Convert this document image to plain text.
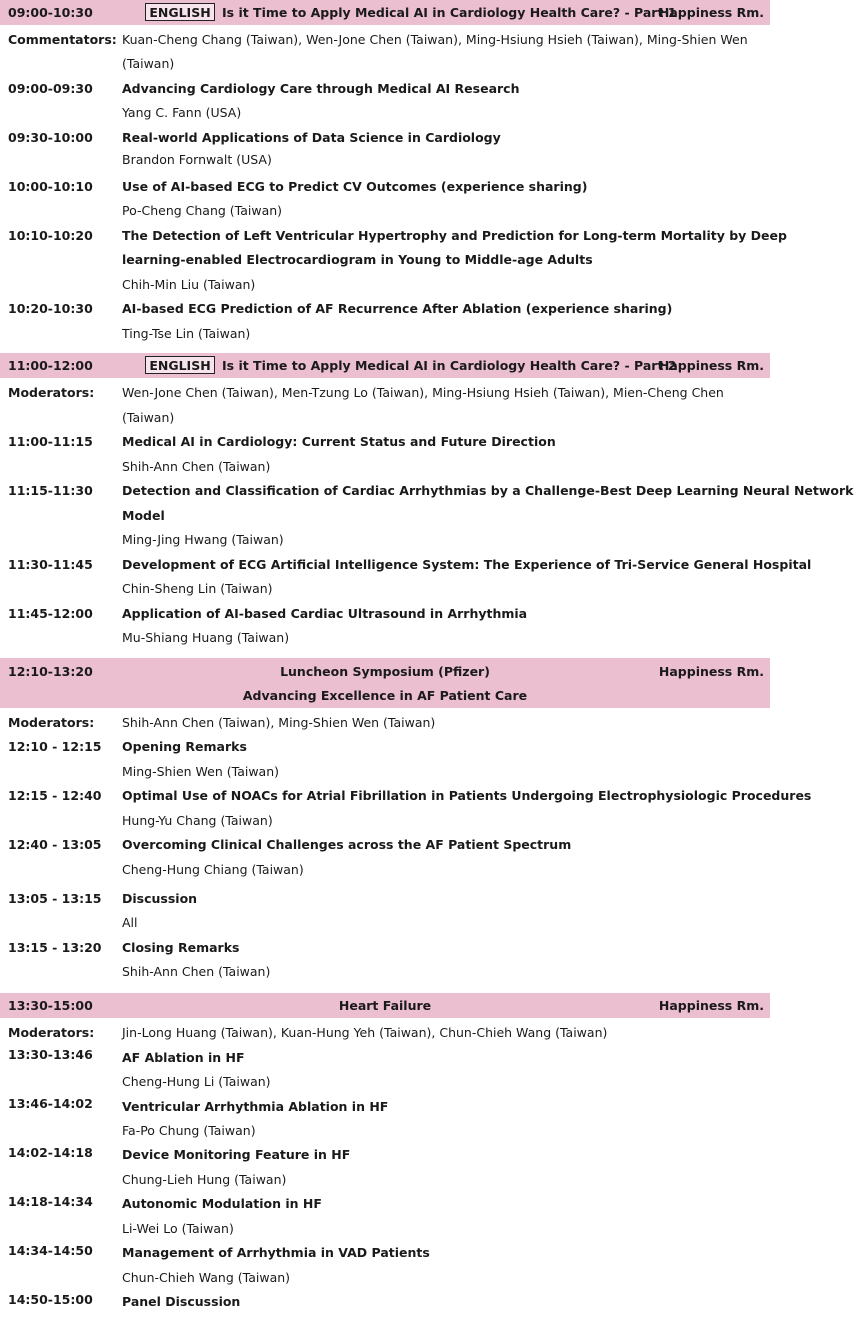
09:00-10:30	ENGLISH Is it Time to Apply Medical AI in Cardiology Health Care? - Part 1
Happiness Rm.
Commentators: Kuan-Cheng Chang (Taiwan), Wen-Jone Chen (Taiwan), Ming-Hsiung Hsieh (Taiwan), Ming-Shien Wen
(Taiwan)
09:00-09:30 Advancing Cardiology Care through Medical AI Research
Yang C. Fann (USA)
09:30-10:00 Real-world Applications of Data Science in Cardiology
Brandon Fornwalt (USA)
10:00-10:10 Use of AI-based ECG to Predict CV Outcomes (experience sharing)
Po-Cheng Chang (Taiwan)
10:10-10:20 The Detection of Left Ventricular Hypertrophy and Prediction for Long-term Mortality by Deep
learning-enabled Electrocardiogram in Young to Middle-age Adults
Chih-Min Liu (Taiwan)
10:20-10:30 AI-based ECG Prediction of AF Recurrence After Ablation (experience sharing)
Ting-Tse Lin (Taiwan)
11:00-12:00	ENGLISH Is it Time to Apply Medical AI in Cardiology Health Care? - Part 2
Happiness Rm.
Moderators: Wen-Jone Chen (Taiwan), Men-Tzung Lo (Taiwan), Ming-Hsiung Hsieh (Taiwan), Mien-Cheng Chen
(Taiwan)
11:00-11:15 Medical AI in Cardiology: Current Status and Future Direction
Shih-Ann Chen (Taiwan)
11:15-11:30 Detection and Classification of Cardiac Arrhythmias by a Challenge-Best Deep Learning Neural Network
Model
Ming-Jing Hwang (Taiwan)
11:30-11:45 Development of ECG Artificial Intelligence System: The Experience of Tri-Service General Hospital
Chin-Sheng Lin (Taiwan)
11:45-12:00 Application of AI-based Cardiac Ultrasound in Arrhythmia
Mu-Shiang Huang (Taiwan)
12:10-13:20	Luncheon Symposium (Pfizer)
Advancing Excellence in AF Patient Care
Happiness Rm.
Moderators: Shih-Ann Chen (Taiwan), Ming-Shien Wen (Taiwan)
12:10 - 12:15 Opening Remarks
Ming-Shien Wen (Taiwan)
12:15 - 12:40 Optimal Use of NOACs for Atrial Fibrillation in Patients Undergoing Electrophysiologic Procedures
Hung-Yu Chang (Taiwan)
12:40 - 13:05 Overcoming Clinical Challenges across the AF Patient Spectrum
Cheng-Hung Chiang (Taiwan)
13:05 - 13:15 Discussion
All
13:15 - 13:20 Closing Remarks
Shih-Ann Chen (Taiwan)
13:30-15:00	Heart Failure	Happiness Rm.
Moderators: Jin-Long Huang (Taiwan), Kuan-Hung Yeh (Taiwan), Chun-Chieh Wang (Taiwan)
13:30-13:46 AF Ablation in HF
Cheng-Hung Li (Taiwan)
13:46-14:02 Ventricular Arrhythmia Ablation in HF
Fa-Po Chung (Taiwan)
14:02-14:18 Device Monitoring Feature in HF
Chung-Lieh Hung (Taiwan)
14:18-14:34 Autonomic Modulation in HF
Li-Wei Lo (Taiwan)
14:34-14:50 Management of Arrhythmia in VAD Patients
Chun-Chieh Wang (Taiwan)
14:50-15:00 Panel Discussion
